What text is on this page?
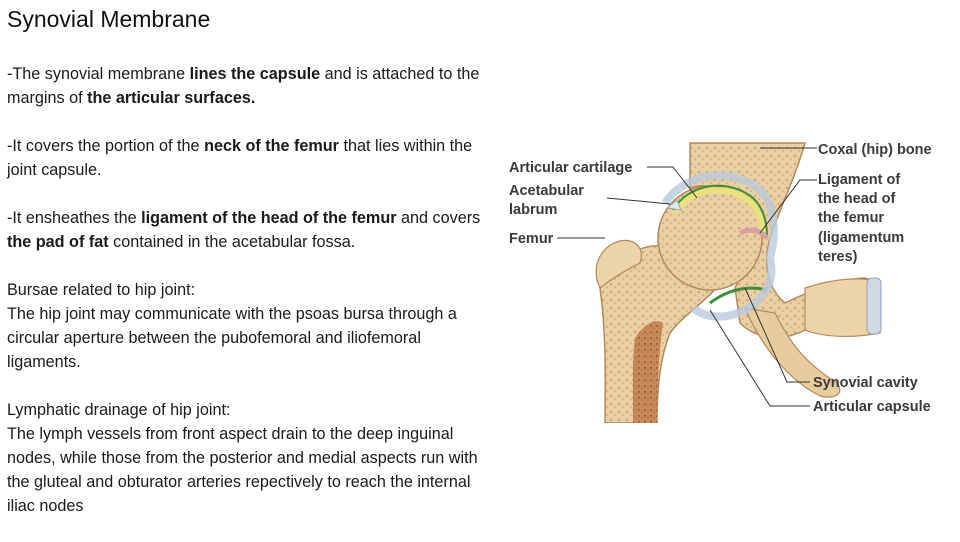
Synovial Membrane

-The synovial membrane lines the capsule and is attached to the margins of the articular surfaces.

-It covers the portion of the neck of the femur that lies within the joint capsule.

-It ensheathes the ligament of the head of the femur and covers the pad of fat contained in the acetabular fossa.

Bursae related to hip joint:
The hip joint may communicate with the psoas bursa through a circular aperture between the pubofemoral and iliofemoral ligaments.

Lymphatic drainage of hip joint:
The lymph vessels from front aspect drain to the deep inguinal nodes, while those from the posterior and medial aspects run with the gluteal and obturator arteries repectively to reach the internal iliac nodes

Articular cartilage
Acetabular
labrum
Femur
Coxal (hip) bone
Ligament of
the head of
the femur
(ligamentum
teres)
Synovial cavity
Articular capsule
